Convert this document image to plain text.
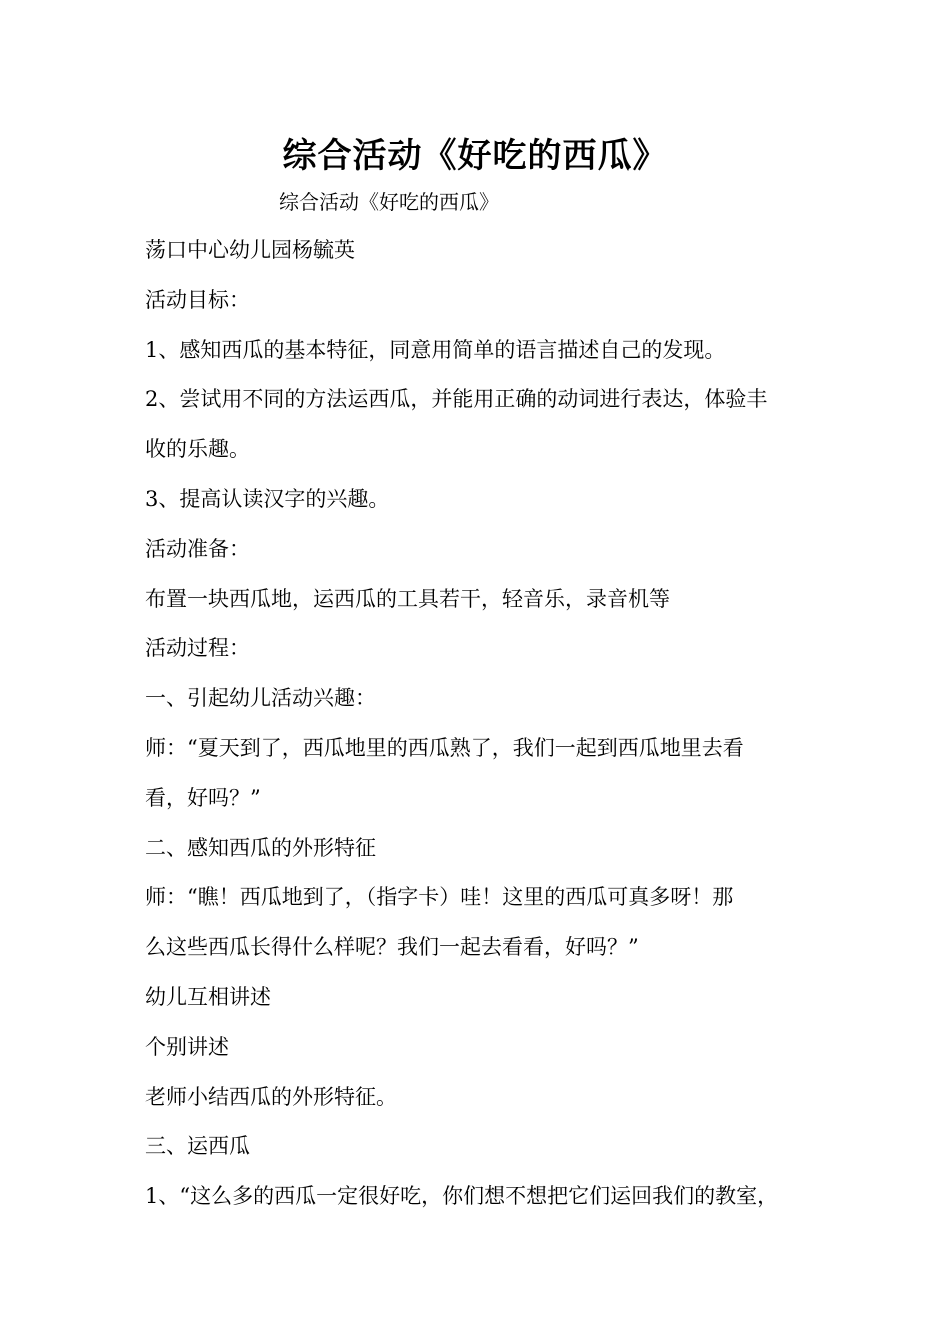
综合活动《好吃的西瓜》
综合活动《好吃的西瓜》
荡口中心幼儿园杨毓英
活动目标：
1、感知西瓜的基本特征，同意用简单的语言描述自己的发现。
2、尝试用不同的方法运西瓜，并能用正确的动词进行表达，体验丰
收的乐趣。
3、提高认读汉字的兴趣。
活动准备：
布置一块西瓜地，运西瓜的工具若干，轻音乐，录音机等
活动过程：
一、引起幼儿活动兴趣：
师：“夏天到了，西瓜地里的西瓜熟了，我们一起到西瓜地里去看
看，好吗？”
二、感知西瓜的外形特征
师：“瞧！西瓜地到了，（指字卡）哇！这里的西瓜可真多呀！那
么这些西瓜长得什么样呢？我们一起去看看，好吗？”
幼儿互相讲述
个别讲述
老师小结西瓜的外形特征。
三、运西瓜
1、“这么多的西瓜一定很好吃，你们想不想把它们运回我们的教室，
